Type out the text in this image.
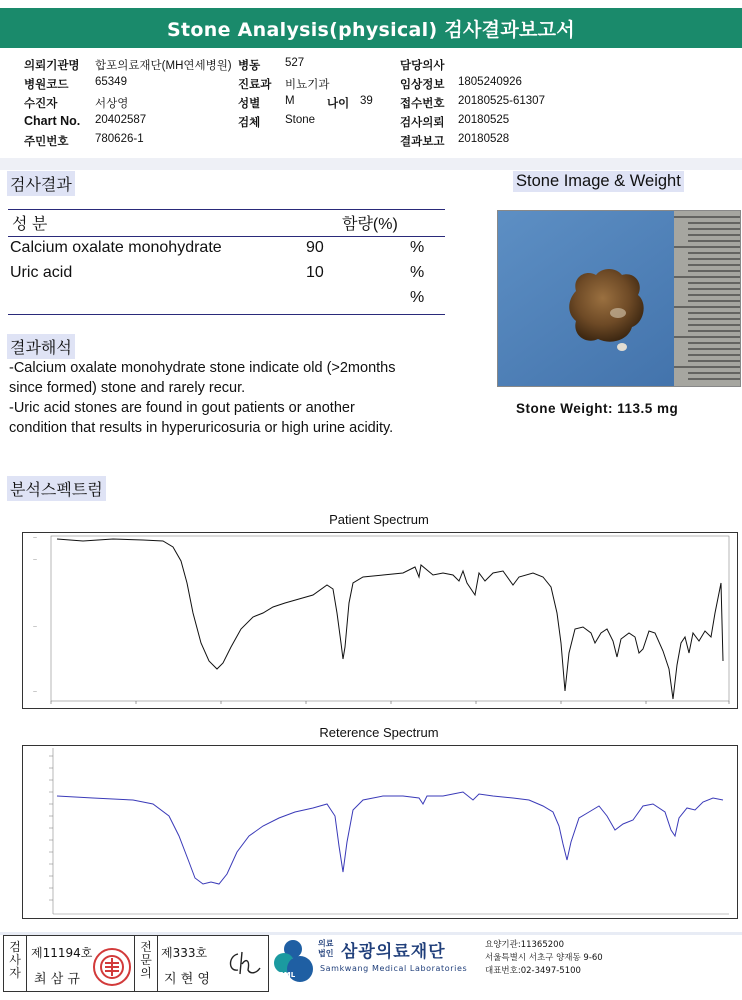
Stone Analysis(physical) 검사결과보고서
의뢰기관명 합포의료재단(MH연세병원) 병동 527	담당의사
병원코드 65349	진료과 비뇨기과	임상정보 1805240926
수진자	서상영	성별 M	나이 39 접수번호 20180525-61307
Chart No. 20402587	검체 Stone	검사의뢰 20180525
주민번호 780626-1	결과보고 20180528
검사결과	Stone Image & Weight
성 분	함량(%)
Calcium oxalate monohydrate	90	%
Uric acid	10	%
%
Stone Weight: 113.5 mg
결과해석
-Calcium oxalate monohydrate stone indicate old (>2months
since formed) stone and rarely recur.
-Uric acid stones are found in gout patients or another
condition that results in hyperuricosuria or high urine acidity.
분석스펙트럼
Patient Spectrum
—
—
—
—
Reterence Spectrum
검사자
제11194호
최 삼 규
전문의
제333호
지 현 영	SML
의료
법인 삼광의료재단
Samkwang Medical Laboratories
요양기관:11365200
서울특별시 서초구 양재동 9-60
대표번호:02-3497-5100
